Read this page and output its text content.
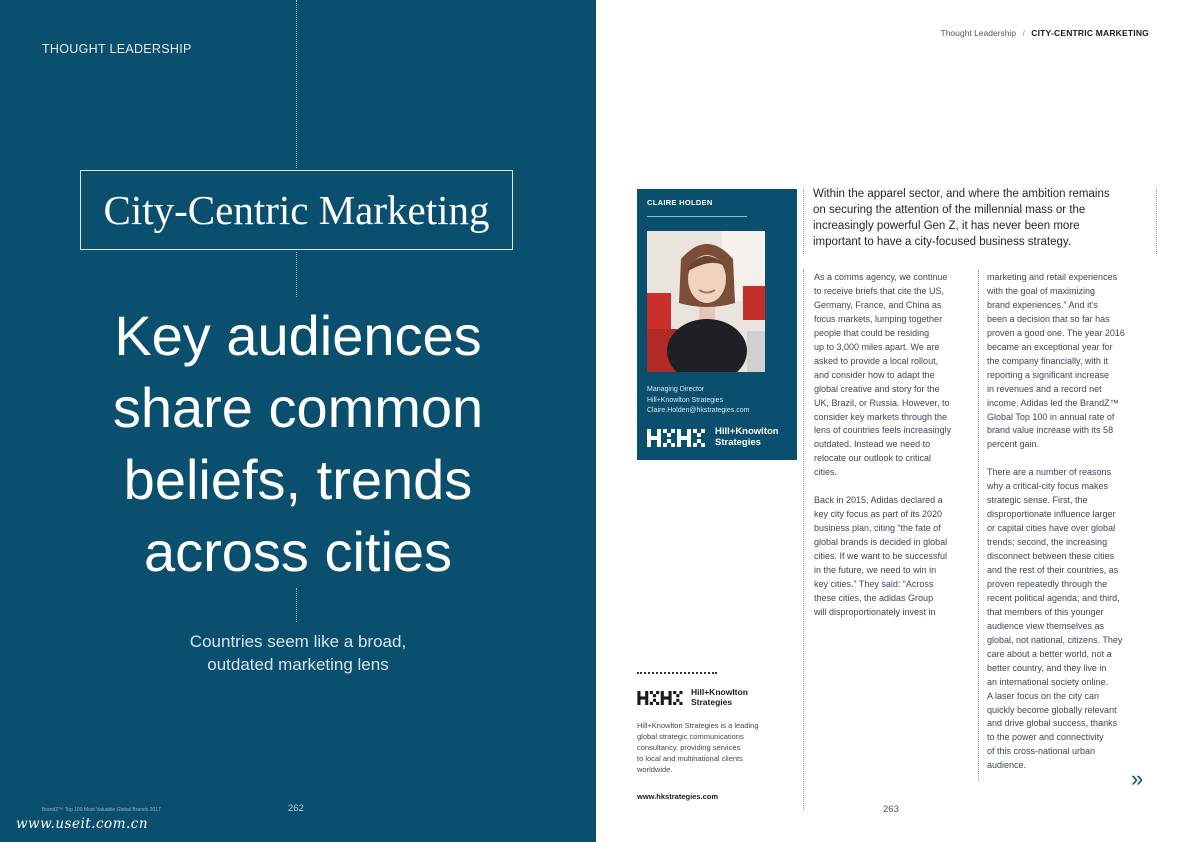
THOUGHT LEADERSHIP
City-Centric Marketing
Key audiences
share common
beliefs, trends
across cities
Countries seem like a broad,
outdated marketing lens
BrandZ™ Top 100 Most Valuable Global Brands 2017	262
www.useit.com.cn
Thought Leadership / CITY-CENTRIC MARKETING
CLAIRE HOLDEN
Managing Director
Hill+Knowlton Strategies
Claire.Holden@hkstrategies.com
Hill+Knowlton
Strategies
Within the apparel sector, and where the ambition remains
on securing the attention of the millennial mass or the
increasingly powerful Gen Z, it has never been more
important to have a city-focused business strategy.

As a comms agency, we continue
to receive briefs that cite the US,
Germany, France, and China as
focus markets, lumping together
people that could be residing
up to 3,000 miles apart. We are
asked to provide a local rollout,
and consider how to adapt the
global creative and story for the
UK, Brazil, or Russia. However, to
consider key markets through the
lens of countries feels increasingly
outdated. Instead we need to
relocate our outlook to critical
cities.

Back in 2015, Adidas declared a
key city focus as part of its 2020
business plan, citing “the fate of
global brands is decided in global
cities. If we want to be successful
in the future, we need to win in
key cities.” They said: “Across
these cities, the adidas Group
will disproportionately invest in

marketing and retail experiences
with the goal of maximizing
brand experiences.” And it’s
been a decision that so far has
proven a good one. The year 2016
became an exceptional year for
the company financially, with it
reporting a significant increase
in revenues and a record net
income. Adidas led the BrandZ™
Global Top 100 in annual rate of
brand value increase with its 58
percent gain.

There are a number of reasons
why a critical-city focus makes
strategic sense. First, the
disproportionate influence larger
or capital cities have over global
trends; second, the increasing
disconnect between these cities
and the rest of their countries, as
proven repeatedly through the
recent political agenda; and third,
that members of this younger
audience view themselves as
global, not national, citizens. They
care about a better world, not a
better country, and they live in
an international society online.
A laser focus on the city can
quickly become globally relevant
and drive global success, thanks
to the power and connectivity
of this cross-national urban
audience.

Hill+Knowlton
Strategies
Hill+Knowlton Strategies is a leading
global strategic communications
consultancy, providing services
to local and multinational clients
worldwide.
www.hkstrategies.com
»
263
